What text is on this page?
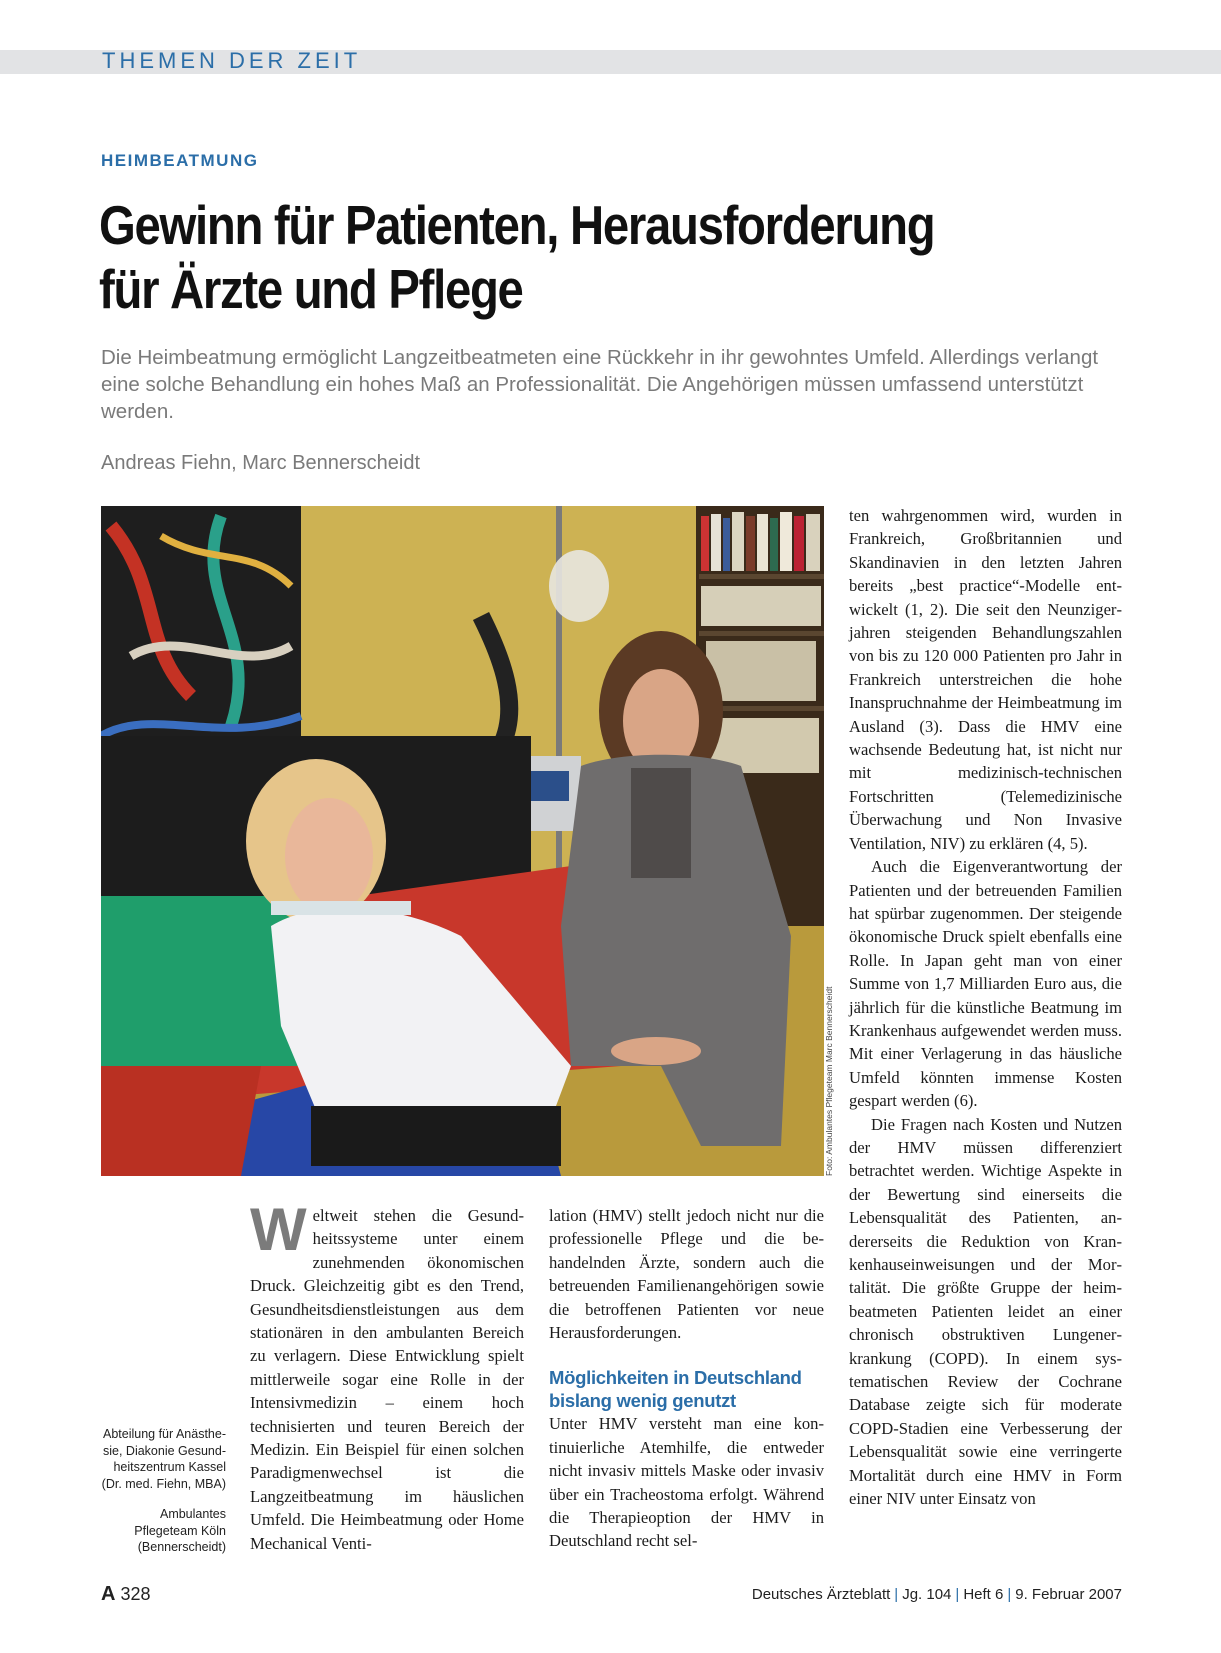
THEMEN DER ZEIT
HEIMBEATMUNG
Gewinn für Patienten, Herausforderung
für Ärzte und Pflege
Die Heimbeatmung ermöglicht Langzeitbeatmeten eine Rückkehr in ihr gewohntes Umfeld. Allerdings verlangt eine solche Behandlung ein hohes Maß an Professionalität. Die Angehörigen müssen umfassend unterstützt werden.
Andreas Fiehn, Marc Bennerscheidt
Foto: Ambulantes Pflegeteam Marc Bennerscheidt

W eltweit stehen die Gesundheitssysteme unter einem zunehmenden ökonomischen Druck. Gleichzeitig gibt es den Trend, Gesundheitsdienstleistungen aus dem stationären in den ambulanten Bereich zu verlagern. Diese Entwicklung spielt mittlerweile sogar eine Rolle in der Intensivmedizin – einem hoch technisierten und teuren Bereich der Medizin. Ein Beispiel für einen solchen Paradigmenwechsel ist die Langzeitbeatmung im häuslichen Umfeld. Die Heimbeatmung oder Home Mechanical Venti-

lation (HMV) stellt jedoch nicht nur die professionelle Pflege und die behandelnden Ärzte, sondern auch die betreuenden Familienangehörigen sowie die betroffenen Patienten vor neue Herausforderungen.

Möglichkeiten in Deutschland bislang wenig genutzt

Unter HMV versteht man eine kontinuierliche Atemhilfe, die entweder nicht invasiv mittels Maske oder invasiv über ein Tracheostoma erfolgt. Während die Therapieoption der HMV in Deutschland recht sel-

ten wahrgenommen wird, wurden in Frankreich, Großbritannien und Skandinavien in den letzten Jahren bereits „best practice“-Modelle entwickelt (1, 2). Die seit den Neunzigerjahren steigenden Behandlungszahlen von bis zu 120 000 Patienten pro Jahr in Frankreich unterstreichen die hohe Inanspruchnahme der Heimbeatmung im Ausland (3). Dass die HMV eine wachsende Bedeutung hat, ist nicht nur mit medizinisch-technischen Fortschritten (Telemedizinische Überwachung und Non Invasive Ventilation, NIV) zu erklären (4, 5).

Auch die Eigenverantwortung der Patienten und der betreuenden Familien hat spürbar zugenommen. Der steigende ökonomische Druck spielt ebenfalls eine Rolle. In Japan geht man von einer Summe von 1,7 Milliarden Euro aus, die jährlich für die künstliche Beatmung im Krankenhaus aufgewendet werden muss. Mit einer Verlagerung in das häusliche Umfeld könnten immense Kosten gespart werden (6).

Die Fragen nach Kosten und Nutzen der HMV müssen differenziert betrachtet werden. Wichtige Aspekte in der Bewertung sind einerseits die Lebensqualität des Patienten, andererseits die Reduktion von Krankenhauseinweisungen und der Mortalität. Die größte Gruppe der heimbeatmeten Patienten leidet an einer chronisch obstruktiven Lungenerkrankung (COPD). In einem systematischen Review der Cochrane Database zeigte sich für moderate COPD-Stadien eine Verbesserung der Lebensqualität sowie eine verringerte Mortalität durch eine HMV in Form einer NIV unter Einsatz von

Abteilung für Anästhesie, Diakonie Gesundheitszentrum Kassel (Dr. med. Fiehn, MBA)
Ambulantes Pflegeteam Köln (Bennerscheidt)
A 328	Deutsches Ärzteblatt | Jg. 104 | Heft 6 | 9. Februar 2007
